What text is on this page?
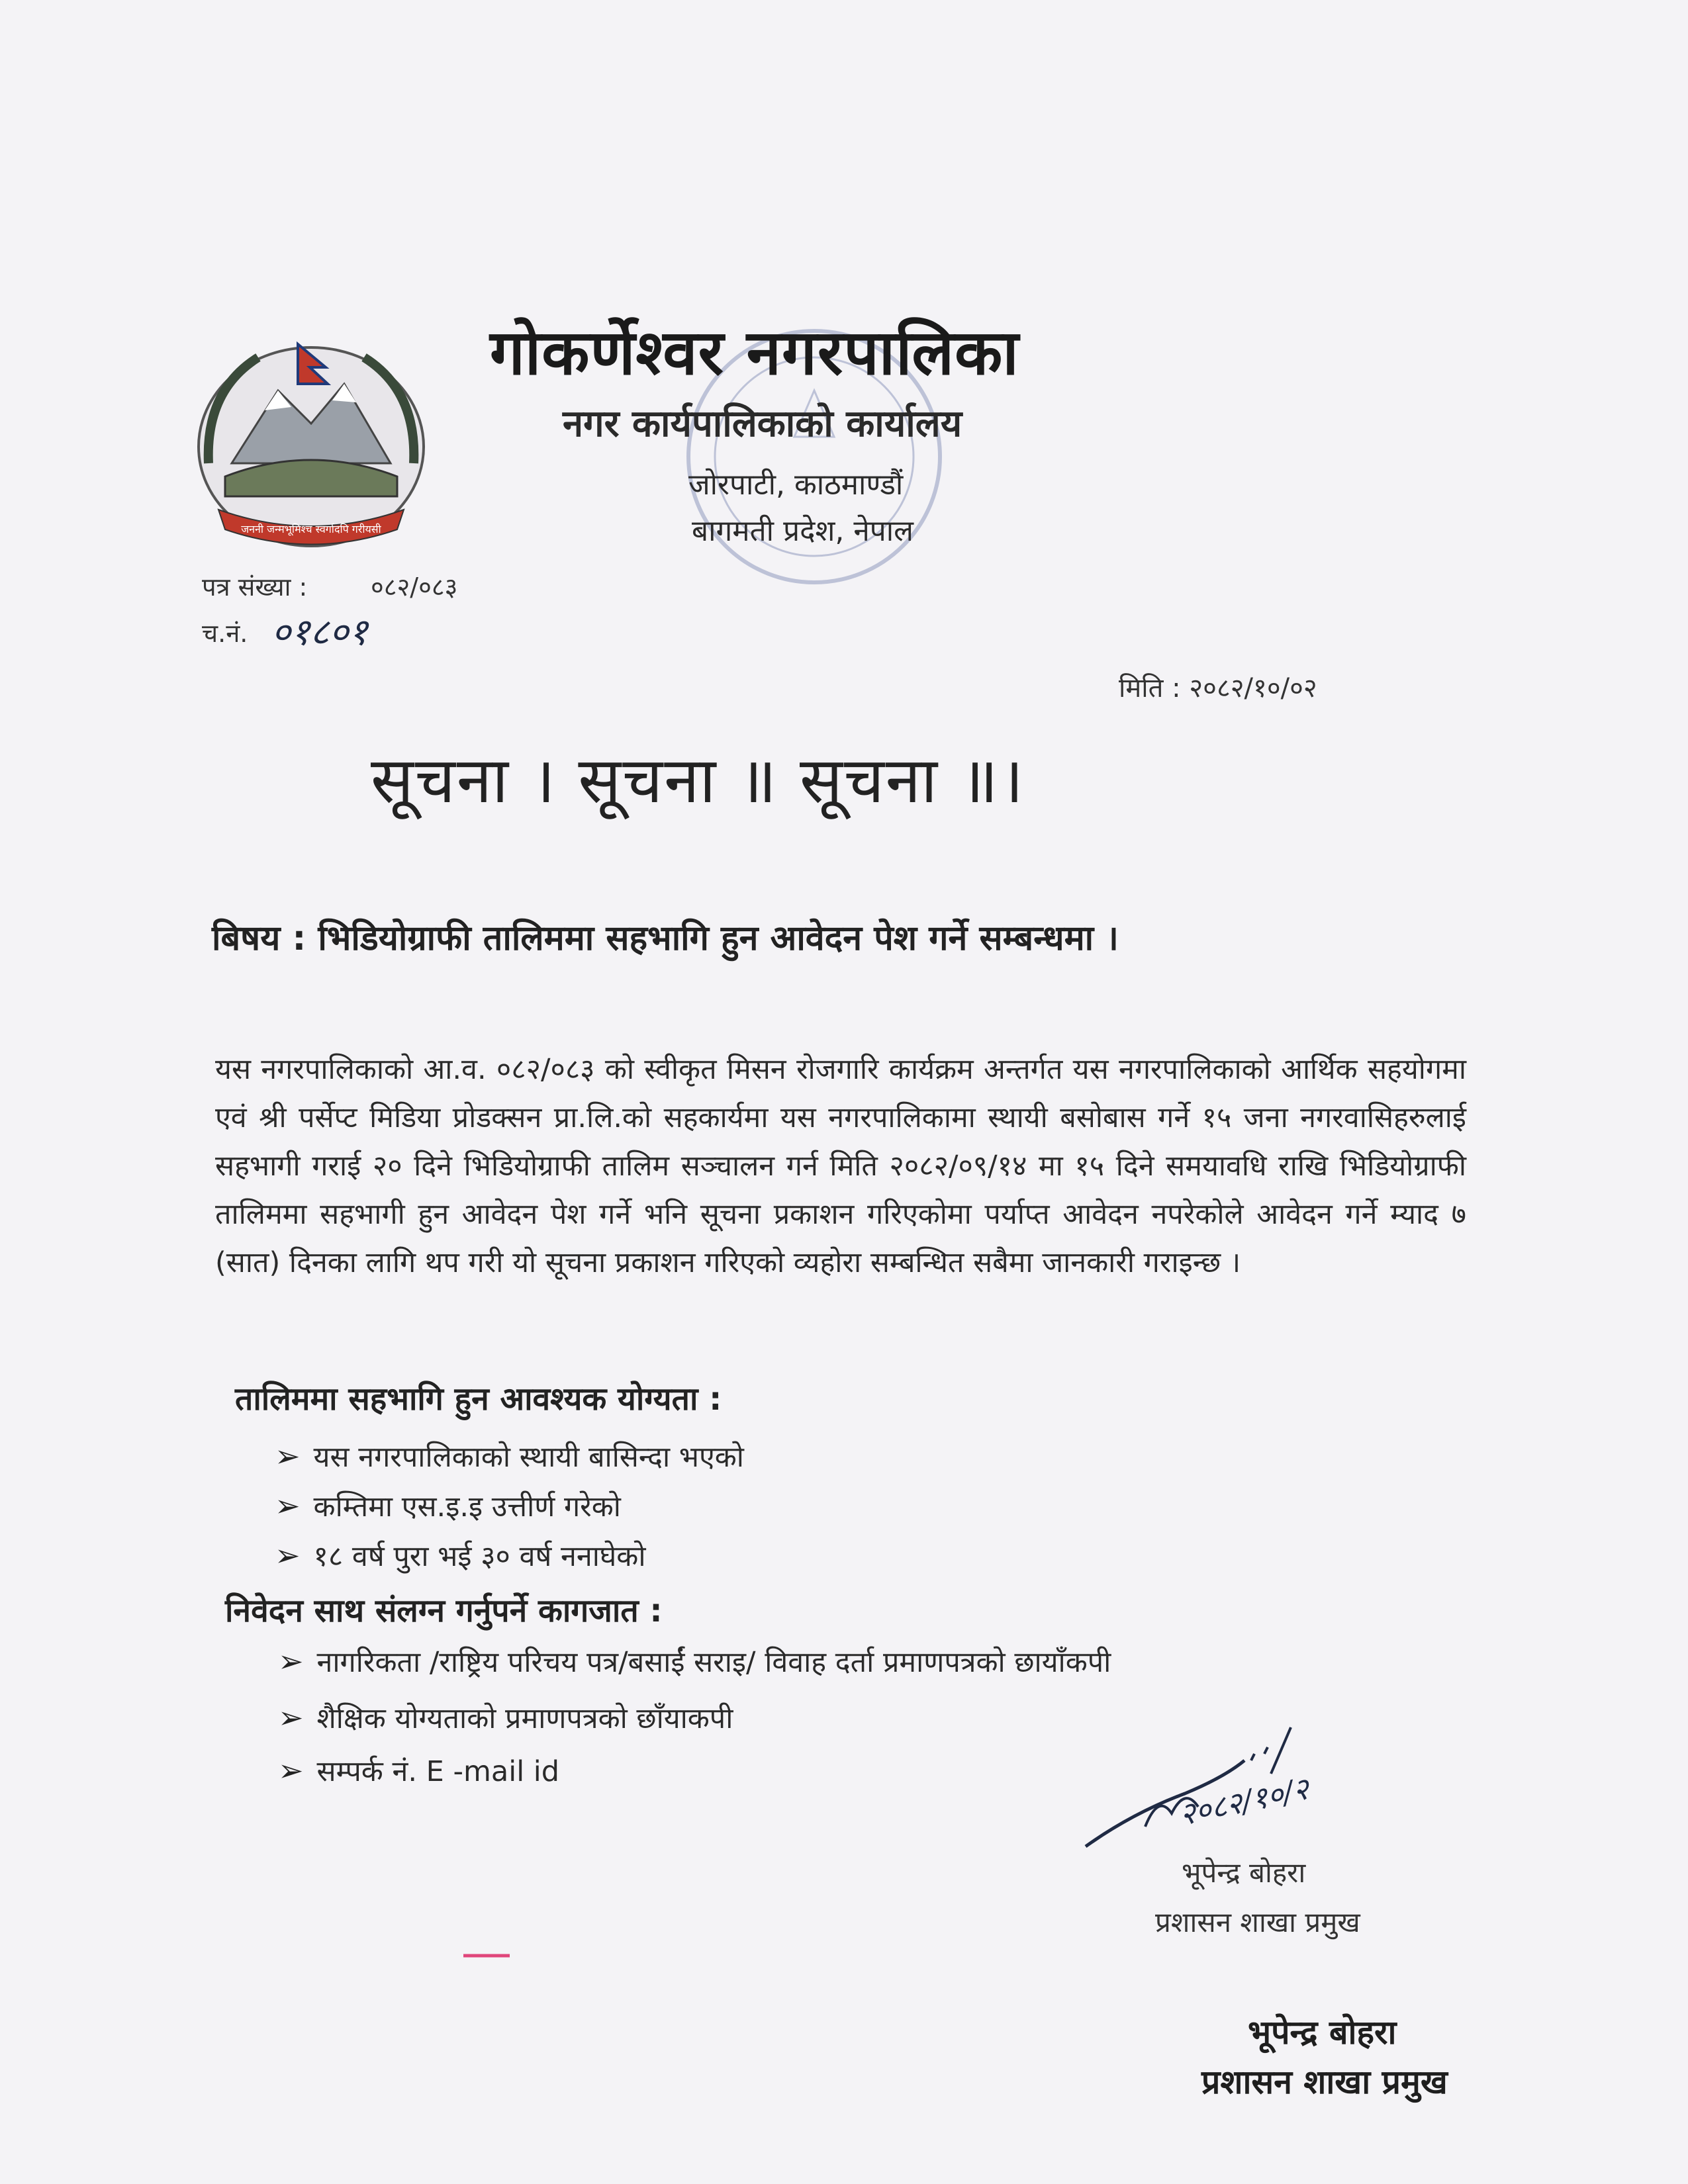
जननी जन्मभूमिश्च स्वर्गादपि गरीयसी
गोकर्णेश्वर नगरपालिका
नगर कार्यपालिकाको कार्यालय
जोरपाटी, काठमाण्डौं
बागमती प्रदेश, नेपाल
पत्र संख्या :	०८२/०८३
च.नं. ०१८०१
मिति : २०८२/१०/०२
सूचना । सूचना ॥ सूचना ॥।
बिषय : भिडियोग्राफी तालिममा सहभागि हुन आवेदन पेश गर्ने सम्बन्धमा ।
यस नगरपालिकाको आ.व. ०८२/०८३ को स्वीकृत मिसन रोजगारि कार्यक्रम अन्तर्गत यस नगरपालिकाको आर्थिक सहयोगमा एवं श्री पर्सेप्ट मिडिया प्रोडक्सन प्रा.लि.को सहकार्यमा यस नगरपालिकामा स्थायी बसोबास गर्ने १५ जना नगरवासिहरुलाई सहभागी गराई २० दिने भिडियोग्राफी तालिम सञ्चालन गर्न मिति २०८२/०९/१४ मा १५ दिने समयावधि राखि भिडियोग्राफी तालिममा सहभागी हुन आवेदन पेश गर्ने भनि सूचना प्रकाशन गरिएकोमा पर्याप्त आवेदन नपरेकोले आवेदन गर्ने म्याद ७ (सात) दिनका लागि थप गरी यो सूचना प्रकाशन गरिएको व्यहोरा सम्बन्धित सबैमा जानकारी गराइन्छ ।
तालिममा सहभागि हुन आवश्यक योग्यता :
➢ यस नगरपालिकाको स्थायी बासिन्दा भएको
➢ कम्तिमा एस.इ.इ उत्तीर्ण गरेको
➢ १८ वर्ष पुरा भई ३० वर्ष ननाघेको
निवेदन साथ संलग्न गर्नुपर्ने कागजात :
➢ नागरिकता /राष्ट्रिय परिचय पत्र/बसाईं सराइ/ विवाह दर्ता प्रमाणपत्रको छायाँकपी
➢ शैक्षिक योग्यताको प्रमाणपत्रको छाँयाकपी
➢ सम्पर्क नं. E -mail id	२०८२/१०/२
भूपेन्द्र बोहरा
प्रशासन शाखा प्रमुख
भूपेन्द्र बोहरा
प्रशासन शाखा प्रमुख
